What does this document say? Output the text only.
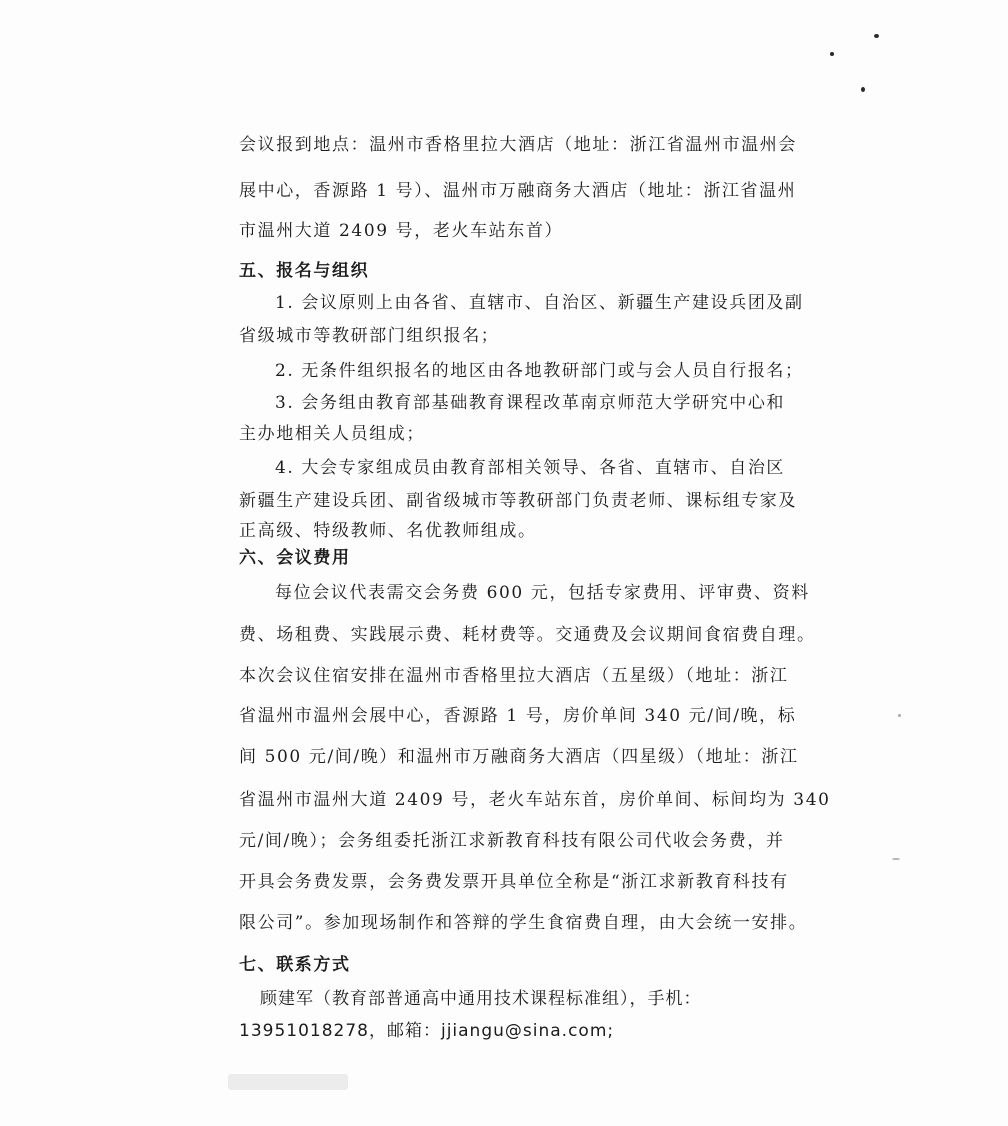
会议报到地点：温州市香格里拉大酒店（地址：浙江省温州市温州会
展中心，香源路 1 号）、温州市万融商务大酒店（地址：浙江省温州
市温州大道 2409 号，老火车站东首）
五、报名与组织
1. 会议原则上由各省、直辖市、自治区、新疆生产建设兵团及副
省级城市等教研部门组织报名；
2. 无条件组织报名的地区由各地教研部门或与会人员自行报名；
3. 会务组由教育部基础教育课程改革南京师范大学研究中心和
主办地相关人员组成；
4. 大会专家组成员由教育部相关领导、各省、直辖市、自治区
新疆生产建设兵团、副省级城市等教研部门负责老师、课标组专家及
正高级、特级教师、名优教师组成。
六、会议费用
每位会议代表需交会务费 600 元，包括专家费用、评审费、资料
费、场租费、实践展示费、耗材费等。交通费及会议期间食宿费自理。
本次会议住宿安排在温州市香格里拉大酒店（五星级）（地址：浙江
省温州市温州会展中心，香源路 1 号，房价单间 340 元/间/晚，标
间 500 元/间/晚）和温州市万融商务大酒店（四星级）（地址：浙江
省温州市温州大道 2409 号，老火车站东首，房价单间、标间均为 340
元/间/晚）；会务组委托浙江求新教育科技有限公司代收会务费，并
开具会务费发票，会务费发票开具单位全称是“浙江求新教育科技有
限公司”。参加现场制作和答辩的学生食宿费自理，由大会统一安排。
七、联系方式
顾建军（教育部普通高中通用技术课程标准组），手机：
13951018278，邮箱：jjiangu@sina.com;
